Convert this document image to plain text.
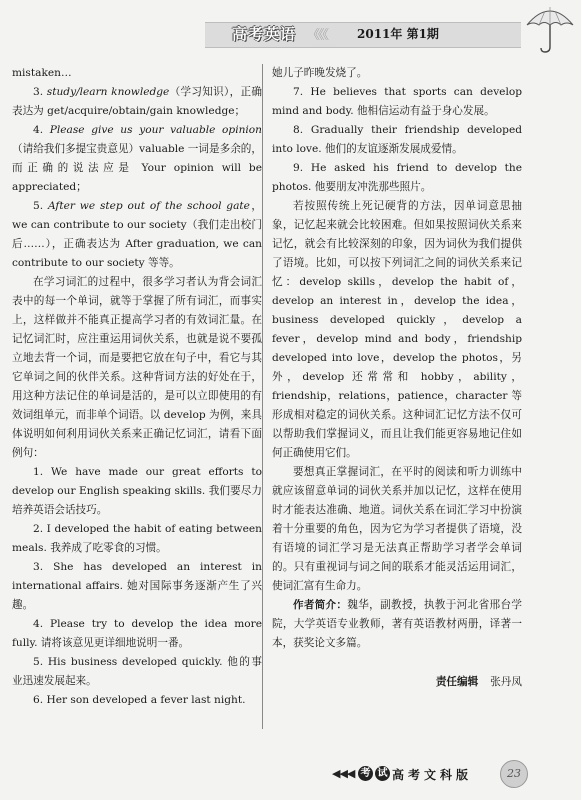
高考英语 《《《 2011年 第1期

mistaken…

3. study/learn knowledge（学习知识），正确表达为 get/acquire/obtain/gain knowledge；

4. Please give us your valuable opinion（请给我们多提宝贵意见）valuable 一词是多余的，而正确的说法应是 Your opinion will be appreciated；

5. After we step out of the school gate，we can contribute to our society（我们走出校门后……），正确表达为 After graduation, we can contribute to our society 等等。

在学习词汇的过程中，很多学习者认为背会词汇表中的每一个单词，就等于掌握了所有词汇，而事实上，这样做并不能真正提高学习者的有效词汇量。在记忆词汇时，应注重运用词伙关系，也就是说不要孤立地去背一个词，而是要把它放在句子中，看它与其它单词之间的伙伴关系。这种背词方法的好处在于，用这种方法记住的单词是活的，是可以立即使用的有效词组单元，而非单个词语。以 develop 为例，来具体说明如何利用词伙关系来正确记忆词汇，请看下面例句：

1. We have made our great efforts to develop our English speaking skills. 我们要尽力培养英语会话技巧。

2. I developed the habit of eating between meals. 我养成了吃零食的习惯。

3. She has developed an interest in international affairs. 她对国际事务逐渐产生了兴趣。

4. Please try to develop the idea more fully. 请将该意见更详细地说明一番。

5. His business developed quickly. 他的事业迅速发展起来。

6. Her son developed a fever last night.

她儿子昨晚发烧了。

7. He believes that sports can develop mind and body. 他相信运动有益于身心发展。

8. Gradually their friendship developed into love. 他们的友谊逐渐发展成爱情。

9. He asked his friend to develop the photos. 他要朋友冲洗那些照片。

若按照传统上死记硬背的方法，因单词意思抽象，记忆起来就会比较困难。但如果按照词伙关系来记忆，就会有比较深刻的印象，因为词伙为我们提供了语境。比如，可以按下列词汇之间的词伙关系来记忆：develop skills，develop the habit of，develop an interest in，develop the idea，business developed quickly，develop a fever，develop mind and body，friendship developed into love，develop the photos，另外，develop 还常常和 hobby，ability，friendship，relations，patience，character 等形成相对稳定的词伙关系。这种词汇记忆方法不仅可以帮助我们掌握词义，而且让我们能更容易地记住如何正确使用它们。

要想真正掌握词汇，在平时的阅读和听力训练中就应该留意单词的词伙关系并加以记忆，这样在使用时才能表达准确、地道。词伙关系在词汇学习中扮演着十分重要的角色，因为它为学习者提供了语境，没有语境的词汇学习是无法真正帮助学习者学会单词的。只有重视词与词之间的联系才能灵活运用词汇，使词汇富有生命力。

作者简介：魏华，副教授，执教于河北省邢台学院，大学英语专业教师，著有英语教材两册，译著一本，获奖论文多篇。

责任编辑 张丹凤

◀◀◀ 考 试 高考文科版	23
